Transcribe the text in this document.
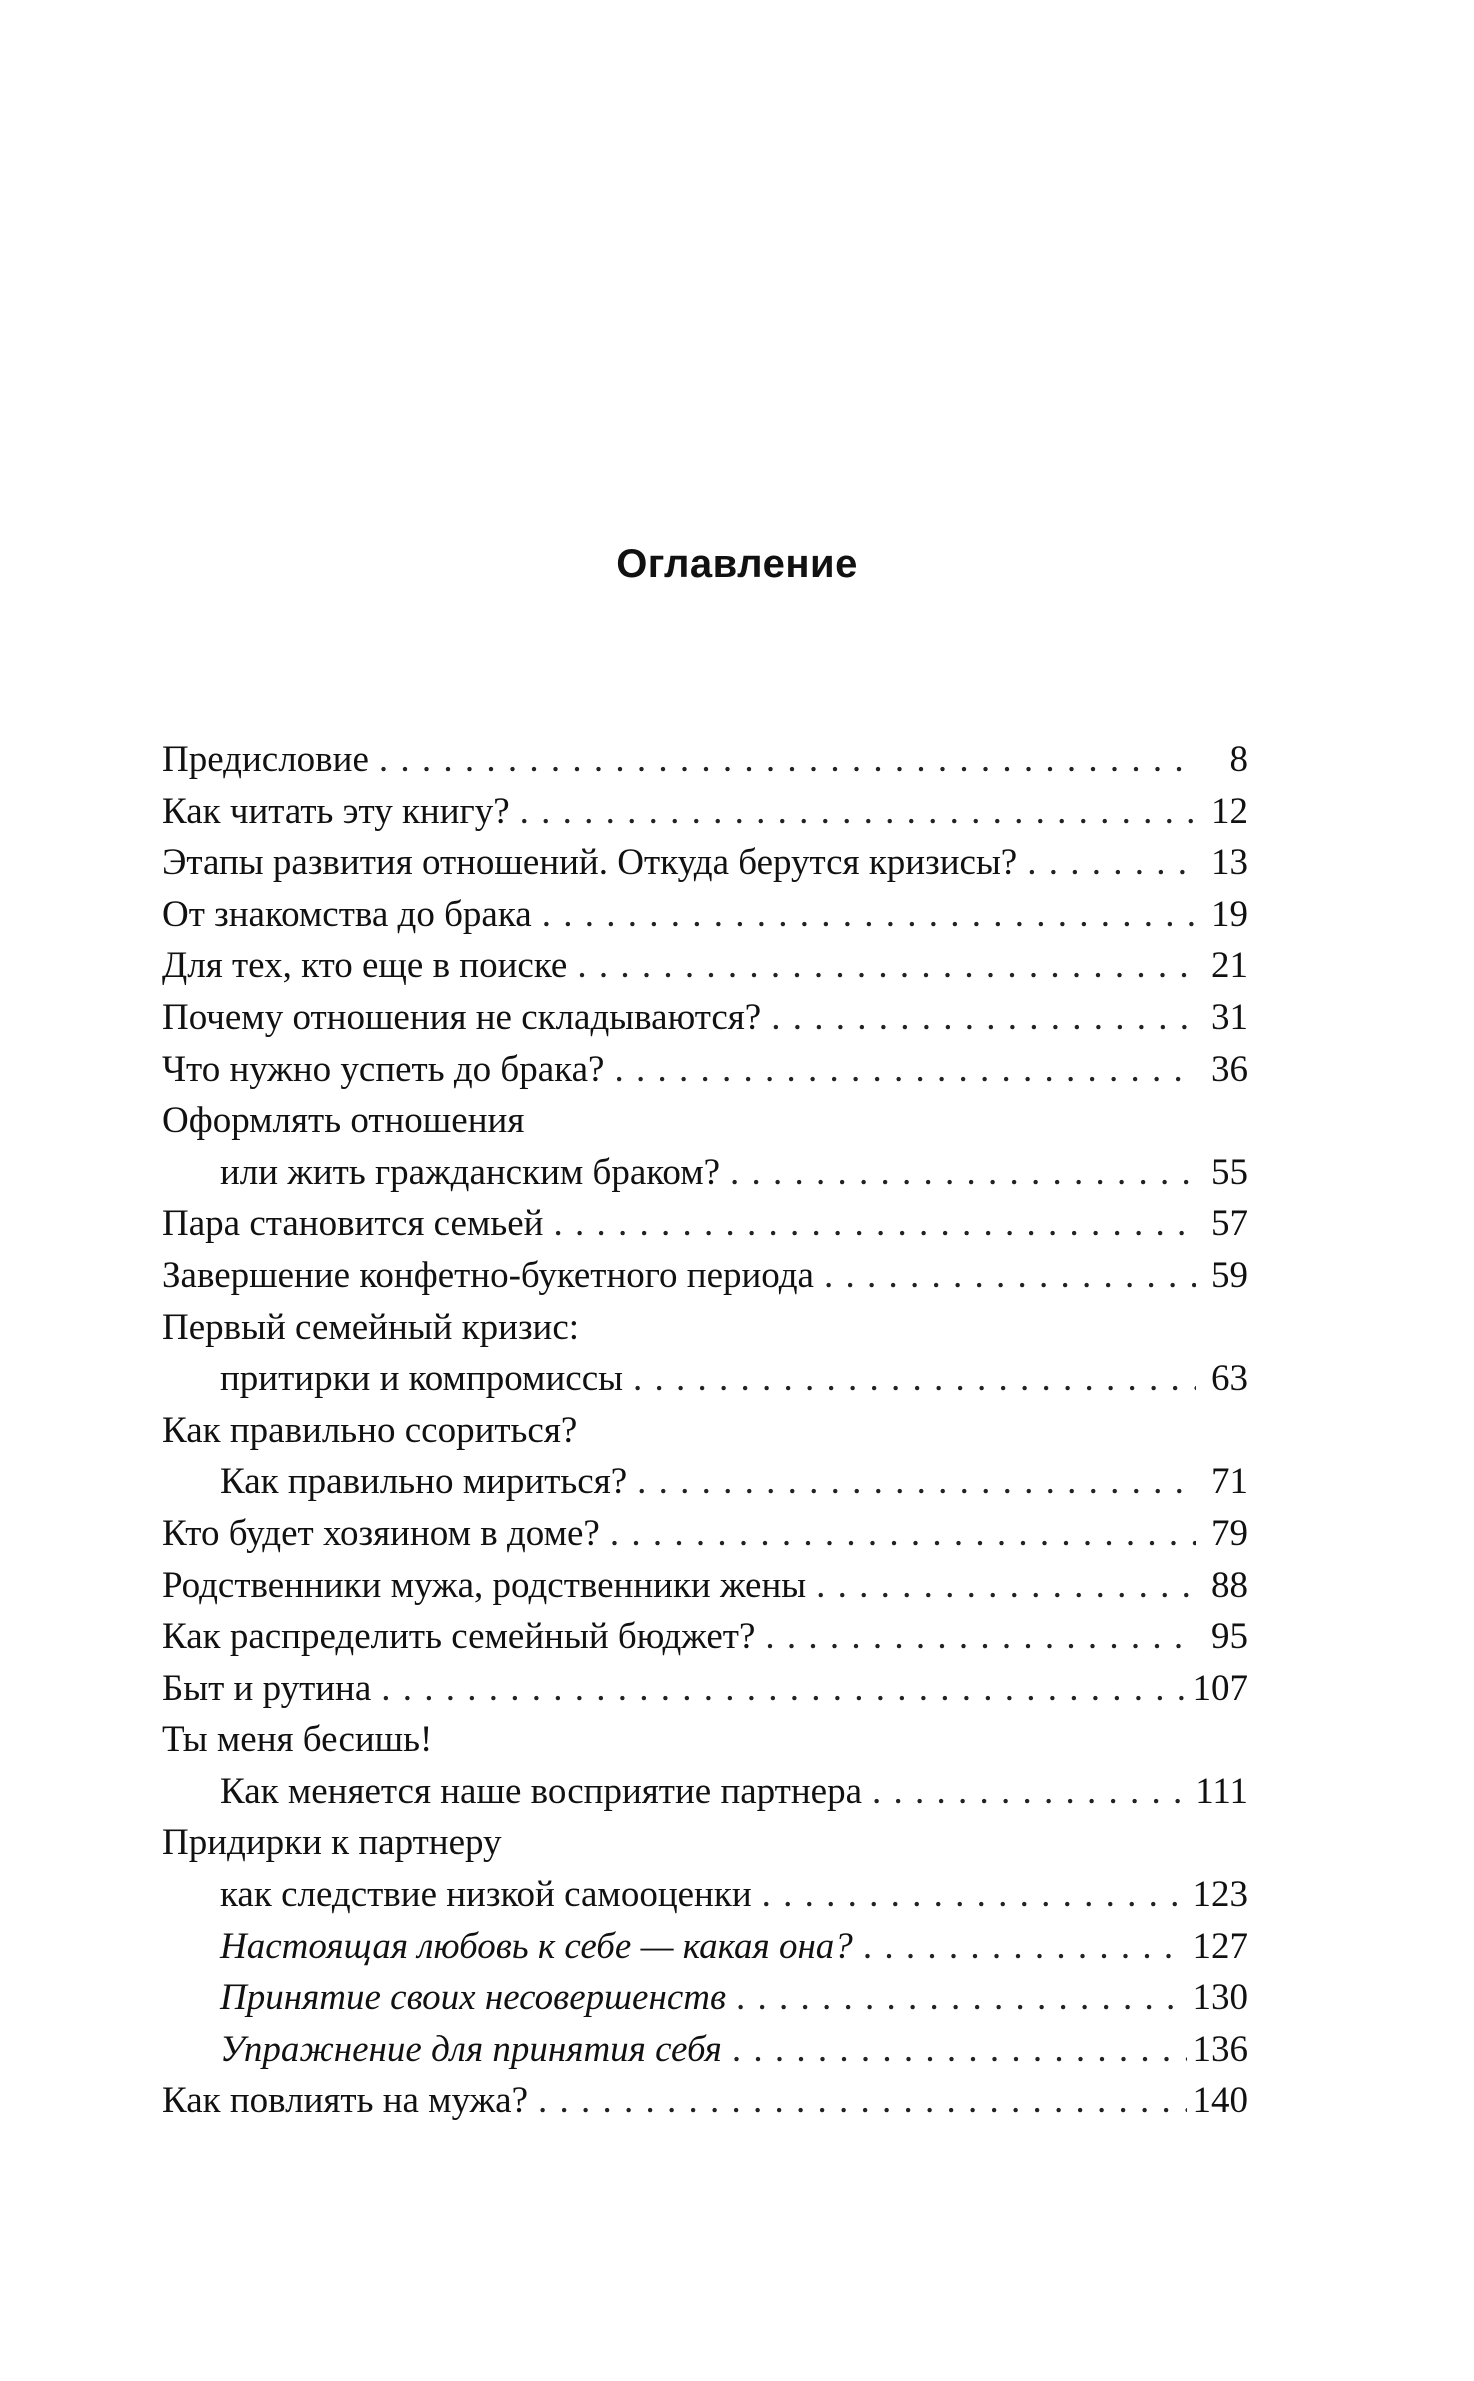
Оглавление
Предисловие . . .	8
Как читать эту книгу? . . .	12
Этапы развития отношений. Откуда берутся кризисы? . . .	13
От знакомства до брака . . .	19
Для тех, кто еще в поиске . . .	21
Почему отношения не складываются? . . .	31
Что нужно успеть до брака? . . .	36
Оформлять отношения
или жить гражданским браком? . . .	55
Пара становится семьей . . .	57
Завершение конфетно-букетного периода . . .	59
Первый семейный кризис:
притирки и компромиссы . . .	63
Как правильно ссориться?
Как правильно мириться? . . .	71
Кто будет хозяином в доме? . . .	79
Родственники мужа, родственники жены . . .	88
Как распределить семейный бюджет? . . .	95
Быт и рутина . . .	107
Ты меня бесишь!
Как меняется наше восприятие партнера . . .	111
Придирки к партнеру
как следствие низкой самооценки . . .	123
Настоящая любовь к себе — какая она? . . .	127
Принятие своих несовершенств . . .	130
Упражнение для принятия себя . . .	136
Как повлиять на мужа? . . .	140
